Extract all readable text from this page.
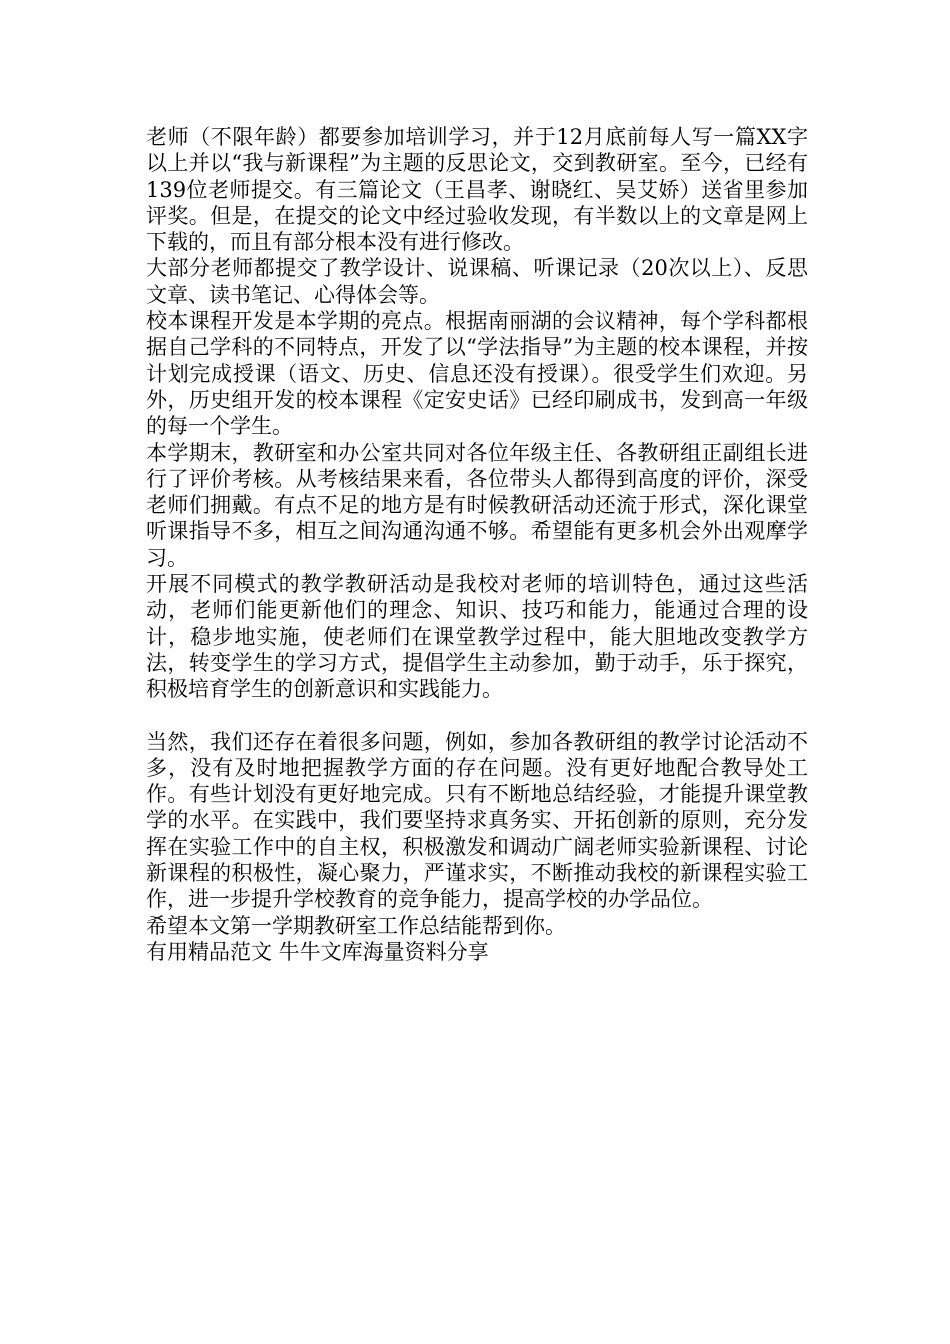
老师（不限年龄）都要参加培训学习，并于12月底前每人写一篇XX字以上并以“我与新课程”为主题的反思论文，交到教研室。至今，已经有139位老师提交。有三篇论文（王昌孝、谢晓红、吴艾娇）送省里参加评奖。但是，在提交的论文中经过验收发现，有半数以上的文章是网上下载的，而且有部分根本没有进行修改。

大部分老师都提交了教学设计、说课稿、听课记录（20次以上）、反思文章、读书笔记、心得体会等。

校本课程开发是本学期的亮点。根据南丽湖的会议精神，每个学科都根据自己学科的不同特点，开发了以“学法指导”为主题的校本课程，并按计划完成授课（语文、历史、信息还没有授课）。很受学生们欢迎。另外，历史组开发的校本课程《定安史话》已经印刷成书，发到高一年级的每一个学生。

本学期末，教研室和办公室共同对各位年级主任、各教研组正副组长进行了评价考核。从考核结果来看，各位带头人都得到高度的评价，深受老师们拥戴。有点不足的地方是有时候教研活动还流于形式，深化课堂听课指导不多，相互之间沟通沟通不够。希望能有更多机会外出观摩学习。

开展不同模式的教学教研活动是我校对老师的培训特色，通过这些活动，老师们能更新他们的理念、知识、技巧和能力，能通过合理的设计，稳步地实施，使老师们在课堂教学过程中，能大胆地改变教学方法，转变学生的学习方式，提倡学生主动参加，勤于动手，乐于探究，积极培育学生的创新意识和实践能力。

当然，我们还存在着很多问题，例如，参加各教研组的教学讨论活动不多，没有及时地把握教学方面的存在问题。没有更好地配合教导处工作。有些计划没有更好地完成。只有不断地总结经验，才能提升课堂教学的水平。在实践中，我们要坚持求真务实、开拓创新的原则，充分发挥在实验工作中的自主权，积极激发和调动广阔老师实验新课程、讨论新课程的积极性，凝心聚力，严谨求实，不断推动我校的新课程实验工作，进一步提升学校教育的竞争能力，提高学校的办学品位。

希望本文第一学期教研室工作总结能帮到你。

有用精品范文 牛牛文库海量资料分享
